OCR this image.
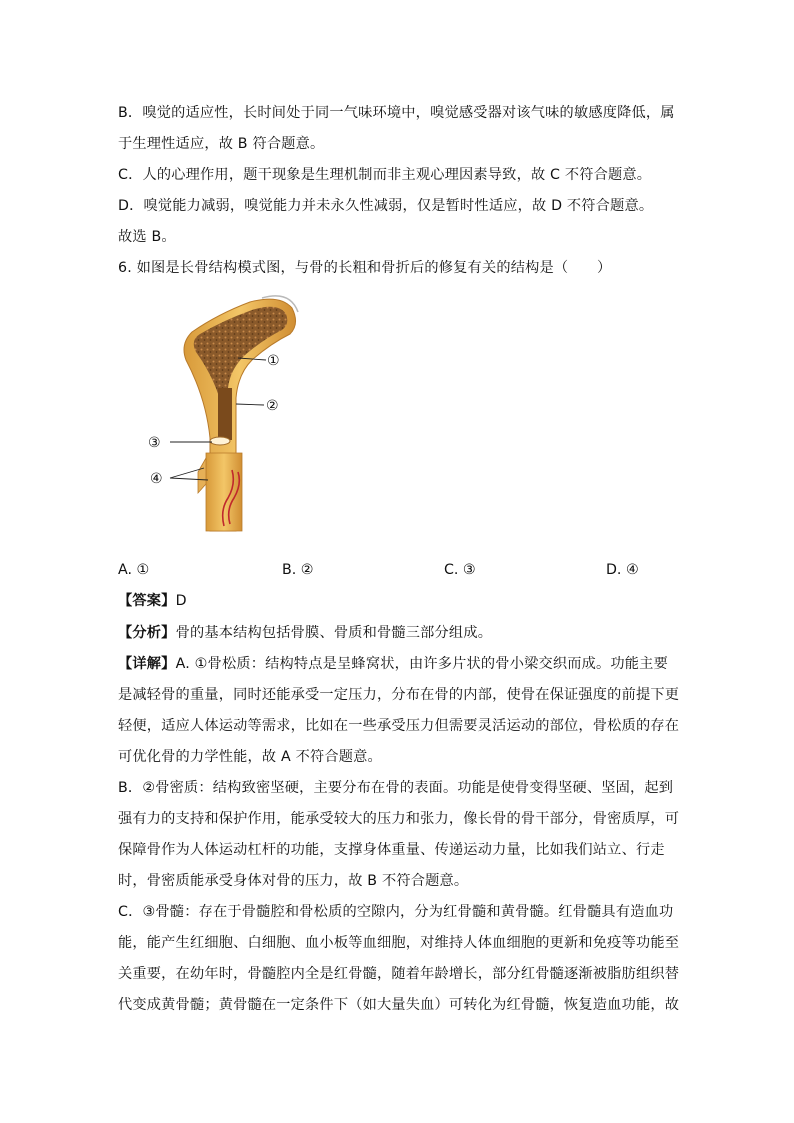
B．嗅觉的适应性，长时间处于同一气味环境中，嗅觉感受器对该气味的敏感度降低，属
于生理性适应，故 B 符合题意。
C．人的心理作用，题干现象是生理机制而非主观心理因素导致，故 C 不符合题意。
D．嗅觉能力减弱，嗅觉能力并未永久性减弱，仅是暂时性适应，故 D 不符合题意。
故选 B。
6. 如图是长骨结构模式图，与骨的长粗和骨折后的修复有关的结构是（　　）
①
②
③
④
A. ①	B. ②	C. ③	D. ④
【答案】D
【分析】骨的基本结构包括骨膜、骨质和骨髓三部分组成。
【详解】A. ①骨松质：结构特点是呈蜂窝状，由许多片状的骨小梁交织而成。功能主要
是减轻骨的重量，同时还能承受一定压力，分布在骨的内部，使骨在保证强度的前提下更
轻便，适应人体运动等需求，比如在一些承受压力但需要灵活运动的部位，骨松质的存在
可优化骨的力学性能，故 A 不符合题意。
B．②骨密质：结构致密坚硬，主要分布在骨的表面。功能是使骨变得坚硬、坚固，起到
强有力的支持和保护作用，能承受较大的压力和张力，像长骨的骨干部分，骨密质厚，可
保障骨作为人体运动杠杆的功能，支撑身体重量、传递运动力量，比如我们站立、行走
时，骨密质能承受身体对骨的压力，故 B 不符合题意。
C．③骨髓：存在于骨髓腔和骨松质的空隙内，分为红骨髓和黄骨髓。红骨髓具有造血功
能，能产生红细胞、白细胞、血小板等血细胞，对维持人体血细胞的更新和免疫等功能至
关重要，在幼年时，骨髓腔内全是红骨髓，随着年龄增长，部分红骨髓逐渐被脂肪组织替
代变成黄骨髓；黄骨髓在一定条件下（如大量失血）可转化为红骨髓，恢复造血功能，故
